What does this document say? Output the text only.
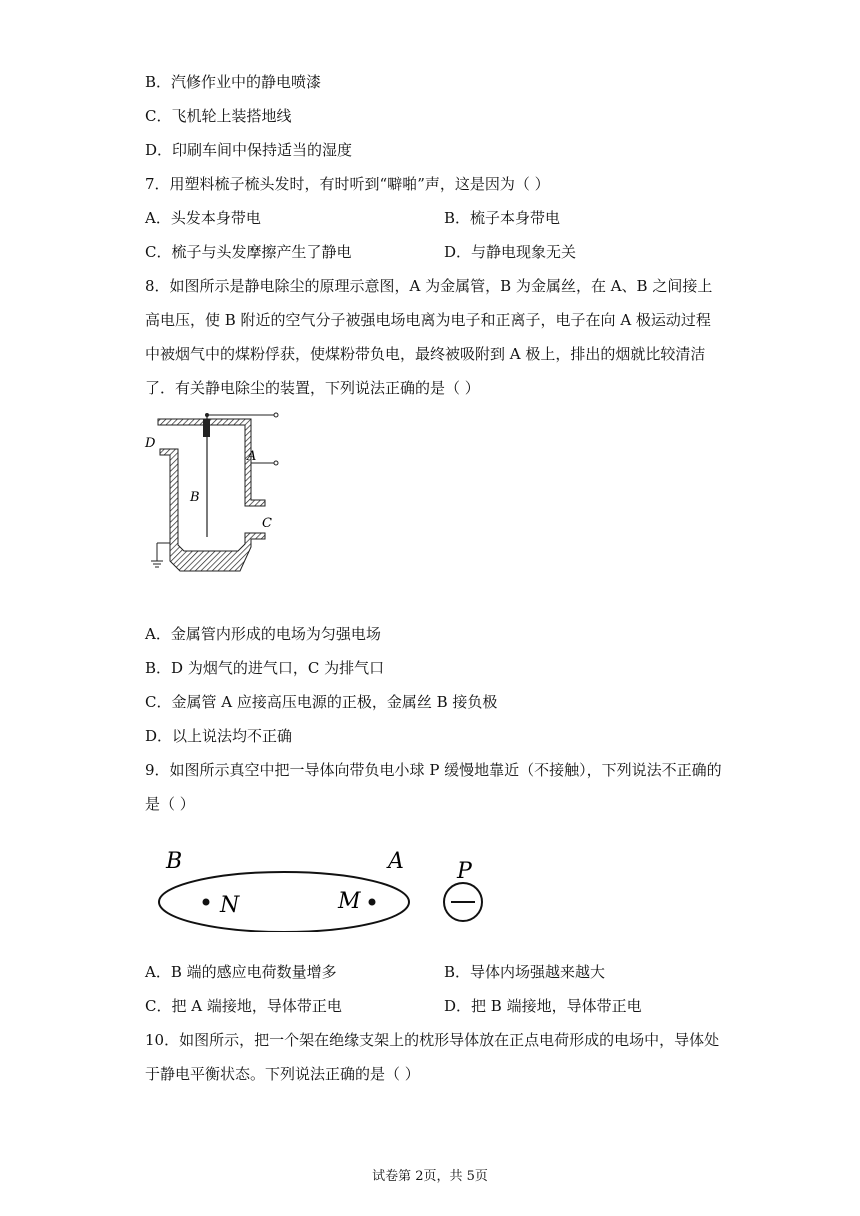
B．汽修作业中的静电喷漆
C．飞机轮上装搭地线
D．印刷车间中保持适当的湿度
7．用塑料梳子梳头发时，有时听到“噼啪”声，这是因为（ ）
A．头发本身带电	B．梳子本身带电
C．梳子与头发摩擦产生了静电	D．与静电现象无关
8．如图所示是静电除尘的原理示意图，A 为金属管，B 为金属丝，在 A、B 之间接上
高电压，使 B 附近的空气分子被强电场电离为电子和正离子，电子在向 A 极运动过程
中被烟气中的煤粉俘获，使煤粉带负电，最终被吸附到 A 极上，排出的烟就比较清洁
了．有关静电除尘的装置，下列说法正确的是（ ）
D
A
B
C
A．金属管内形成的电场为匀强电场
B．D 为烟气的进气口，C 为排气口
C．金属管 A 应接高压电源的正极，金属丝 B 接负极
D．以上说法均不正确
9．如图所示真空中把一导体向带负电小球 P 缓慢地靠近（不接触），下列说法不正确的
是（ ）
B	A
N	M
P
A．B 端的感应电荷数量增多	B．导体内场强越来越大
C．把 A 端接地，导体带正电	D．把 B 端接地，导体带正电
10．如图所示，把一个架在绝缘支架上的枕形导体放在正点电荷形成的电场中，导体处
于静电平衡状态。下列说法正确的是（ ）
试卷第 2页，共 5页
